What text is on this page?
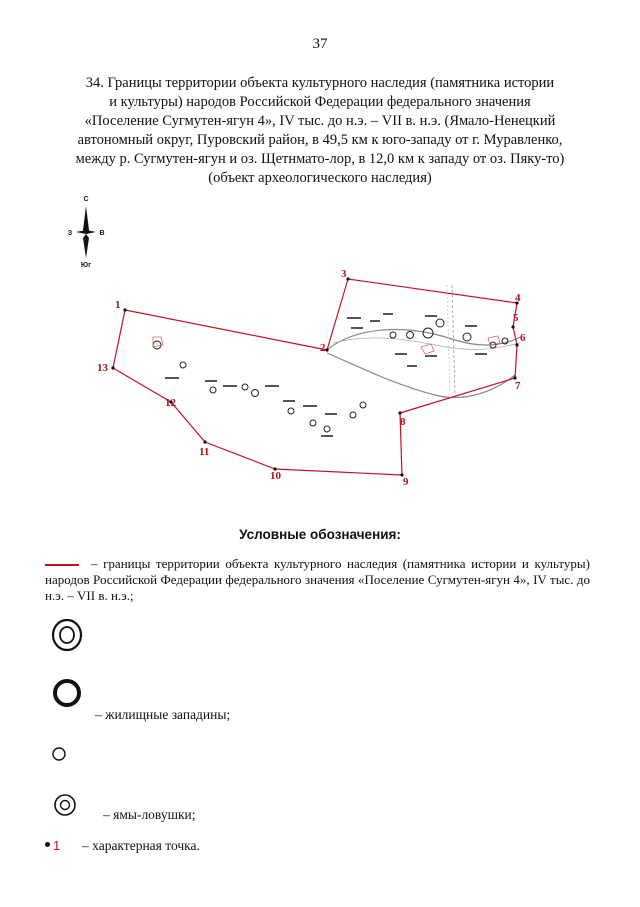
37
34. Границы территории объекта культурного наследия (памятника истории
и культуры) народов Российской Федерации федерального значения
«Поселение Сугмутен-ягун 4», IV тыс. до н.э. – VII в. н.э. (Ямало-Ненецкий
автономный округ, Пуровский район, в 49,5 км к юго-западу от г. Муравленко,
между р. Сугмутен-ягун и оз. Щетнмато-лор, в 12,0 км к западу от оз. Пяку-то)
(объект археологического наследия)
С
З	В
Юг
1
2
3
4
5
6
7
8
9
10
11
12
13
Условные обозначения:
– границы территории объекта культурного наследия (памятника истории и культуры) народов Российской Федерации федерального значения «Поселение Сугмутен-ягун 4», IV тыс. до н.э. – VII в. н.э.;
– жилищные западины;
– ямы-ловушки;
1 – характерная точка.
